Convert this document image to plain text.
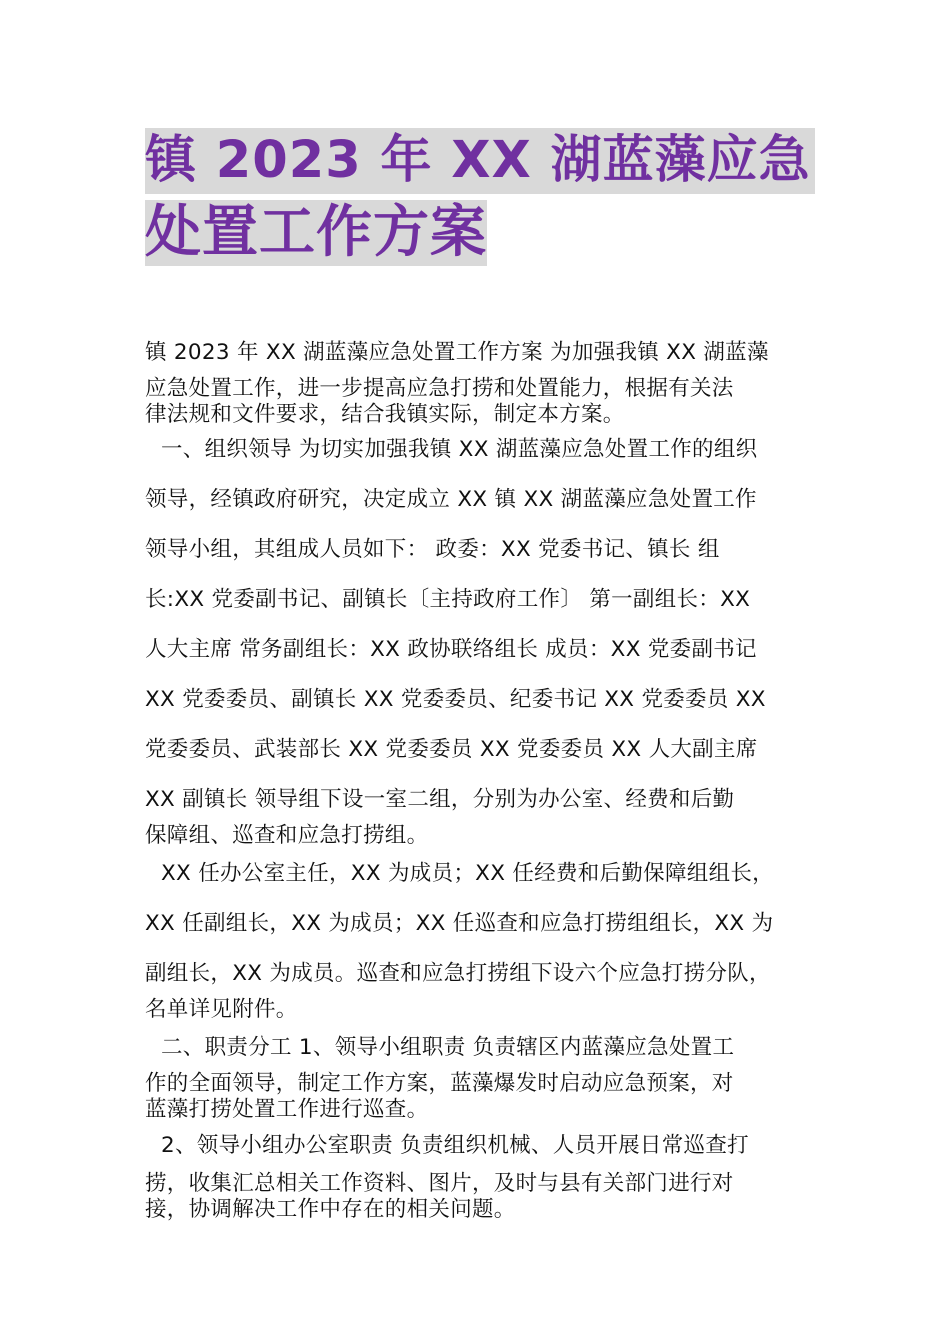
镇 2023 年 XX 湖蓝藻应急
处置工作方案
镇 2023 年 XX 湖蓝藻应急处置工作方案 为加强我镇 XX 湖蓝藻
应急处置工作，进一步提高应急打捞和处置能力，根据有关法
律法规和文件要求，结合我镇实际，制定本方案。
一、组织领导 为切实加强我镇 XX 湖蓝藻应急处置工作的组织
领导，经镇政府研究，决定成立 XX 镇 XX 湖蓝藻应急处置工作
领导小组，其组成人员如下： 政委：XX 党委书记、镇长 组
长:XX 党委副书记、副镇长〔主持政府工作〕 第一副组长：XX
人大主席 常务副组长：XX 政协联络组长 成员：XX 党委副书记
XX 党委委员、副镇长 XX 党委委员、纪委书记 XX 党委委员 XX
党委委员、武装部长 XX 党委委员 XX 党委委员 XX 人大副主席
XX 副镇长 领导组下设一室二组，分别为办公室、经费和后勤
保障组、巡查和应急打捞组。
XX 任办公室主任，XX 为成员；XX 任经费和后勤保障组组长，
XX 任副组长，XX 为成员；XX 任巡查和应急打捞组组长，XX 为
副组长，XX 为成员。巡查和应急打捞组下设六个应急打捞分队，
名单详见附件。
二、职责分工 1、领导小组职责 负责辖区内蓝藻应急处置工
作的全面领导，制定工作方案，蓝藻爆发时启动应急预案，对
蓝藻打捞处置工作进行巡查。
2、领导小组办公室职责 负责组织机械、人员开展日常巡查打
捞，收集汇总相关工作资料、图片，及时与县有关部门进行对
接，协调解决工作中存在的相关问题。
